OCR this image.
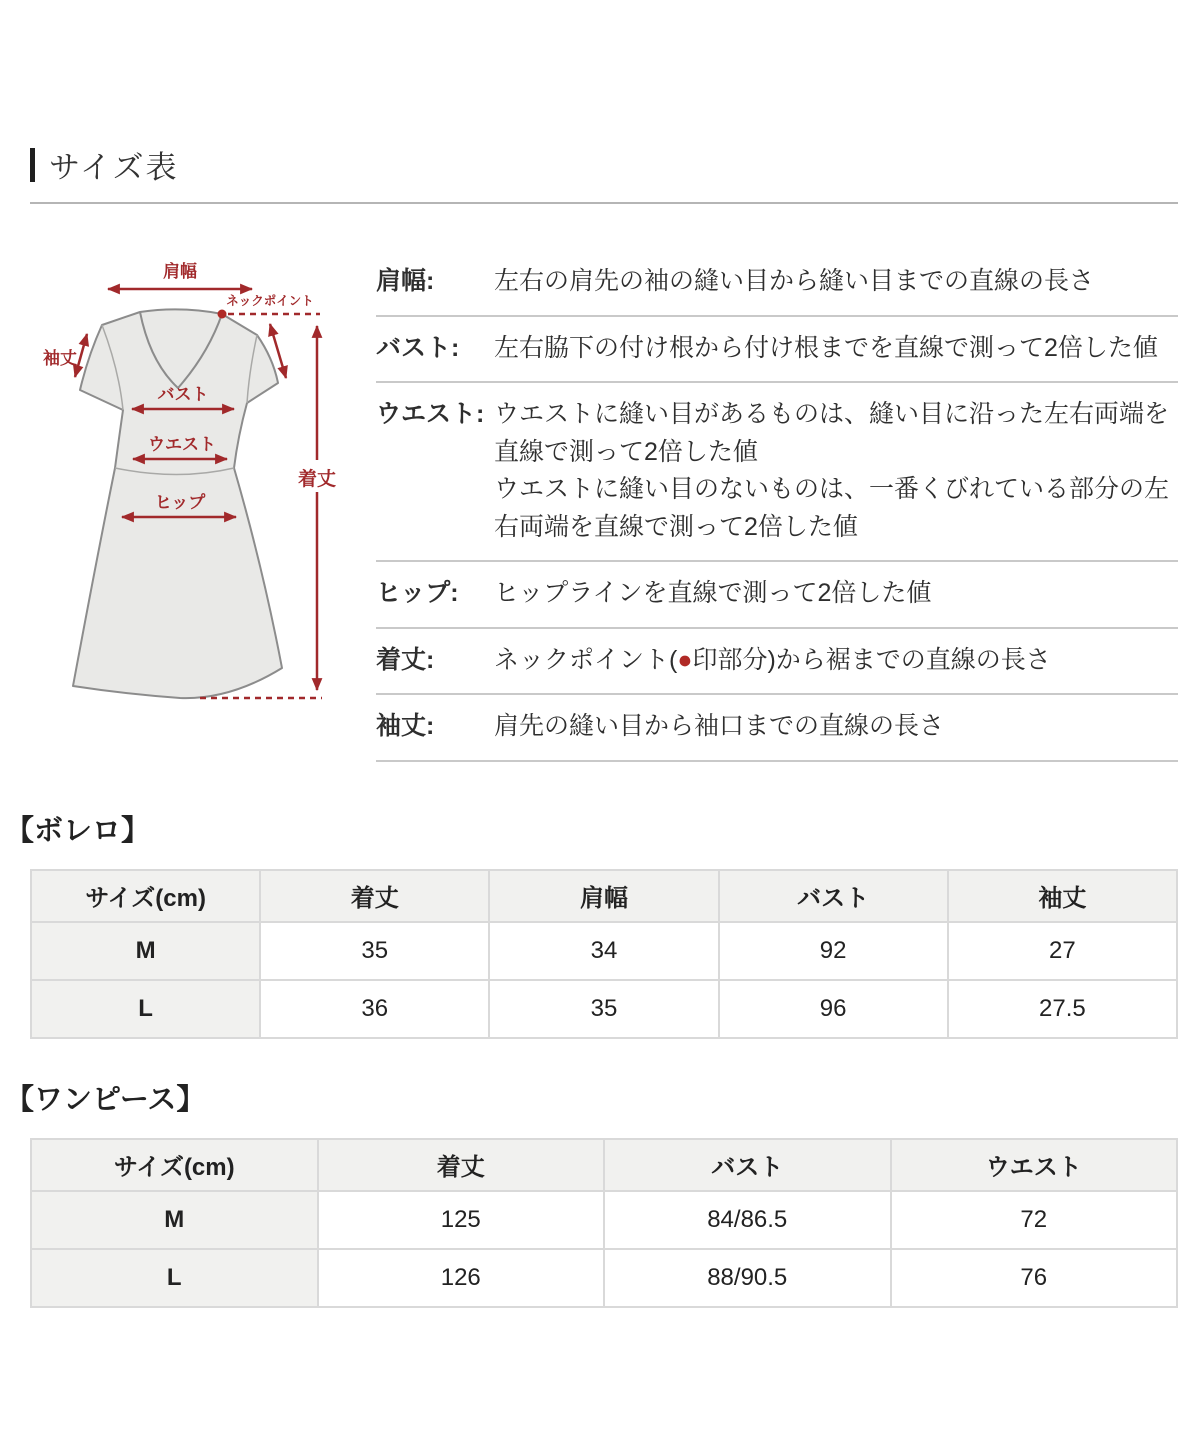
サイズ表
肩幅
ネックポイント
着丈
袖丈
バスト
ウエスト
ヒップ
肩幅:	左右の肩先の袖の縫い目から縫い目までの直線の長さ
バスト:	左右脇下の付け根から付け根までを直線で測って2倍した値
ウエスト: ウエストに縫い目があるものは、縫い目に沿った左右両端を直線で測って2倍した値
ウエストに縫い目のないものは、一番くびれている部分の左右両端を直線で測って2倍した値
ヒップ:	ヒップラインを直線で測って2倍した値
着丈:	ネックポイント(●印部分)から裾までの直線の長さ
袖丈:	肩先の縫い目から袖口までの直線の長さ
【ボレロ】
サイズ(cm)	着丈	肩幅	バスト	袖丈
M	35	34	92	27
L	36	35	96	27.5
【ワンピース】
サイズ(cm)	着丈	バスト	ウエスト
M	125	84/86.5	72
L	126	88/90.5	76
